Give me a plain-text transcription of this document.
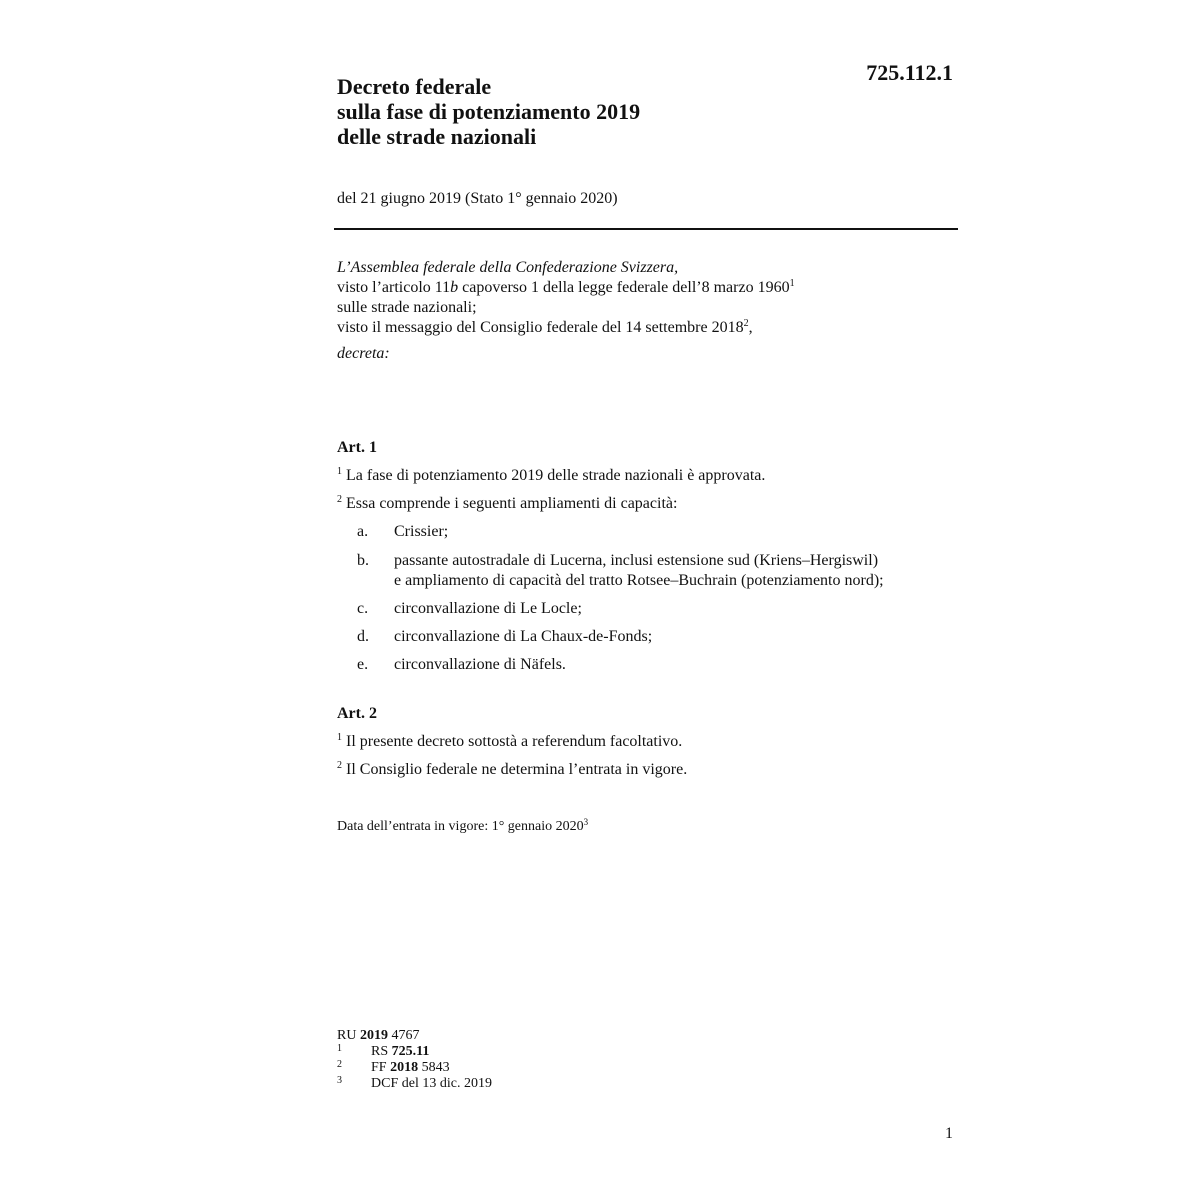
725.112.1
Decreto federale
sulla fase di potenziamento 2019
delle strade nazionali
del 21 giugno 2019 (Stato 1° gennaio 2020)
L’Assemblea federale della Confederazione Svizzera,
visto l’articolo 11b capoverso 1 della legge federale dell’8 marzo 1960$^1$
sulle strade nazionali;
visto il messaggio del Consiglio federale del 14 settembre 2018$^2$,
decreta:
Art. 1
$^1$ La fase di potenziamento 2019 delle strade nazionali è approvata.
$^2$ Essa comprende i seguenti ampliamenti di capacità:
a. Crissier;
b. passante autostradale di Lucerna, inclusi estensione sud (Kriens–Hergiswil)
e ampliamento di capacità del tratto Rotsee–Buchrain (potenziamento nord);
c. circonvallazione di Le Locle;
d. circonvallazione di La Chaux-de-Fonds;
e. circonvallazione di Näfels.
Art. 2
$^1$ Il presente decreto sottostà a referendum facoltativo.
$^2$ Il Consiglio federale ne determina l’entrata in vigore.
Data dell’entrata in vigore: 1° gennaio 2020$^3$
RU 2019 4767
1 RS 725.11
2 FF 2018 5843
3 DCF del 13 dic. 2019
1
